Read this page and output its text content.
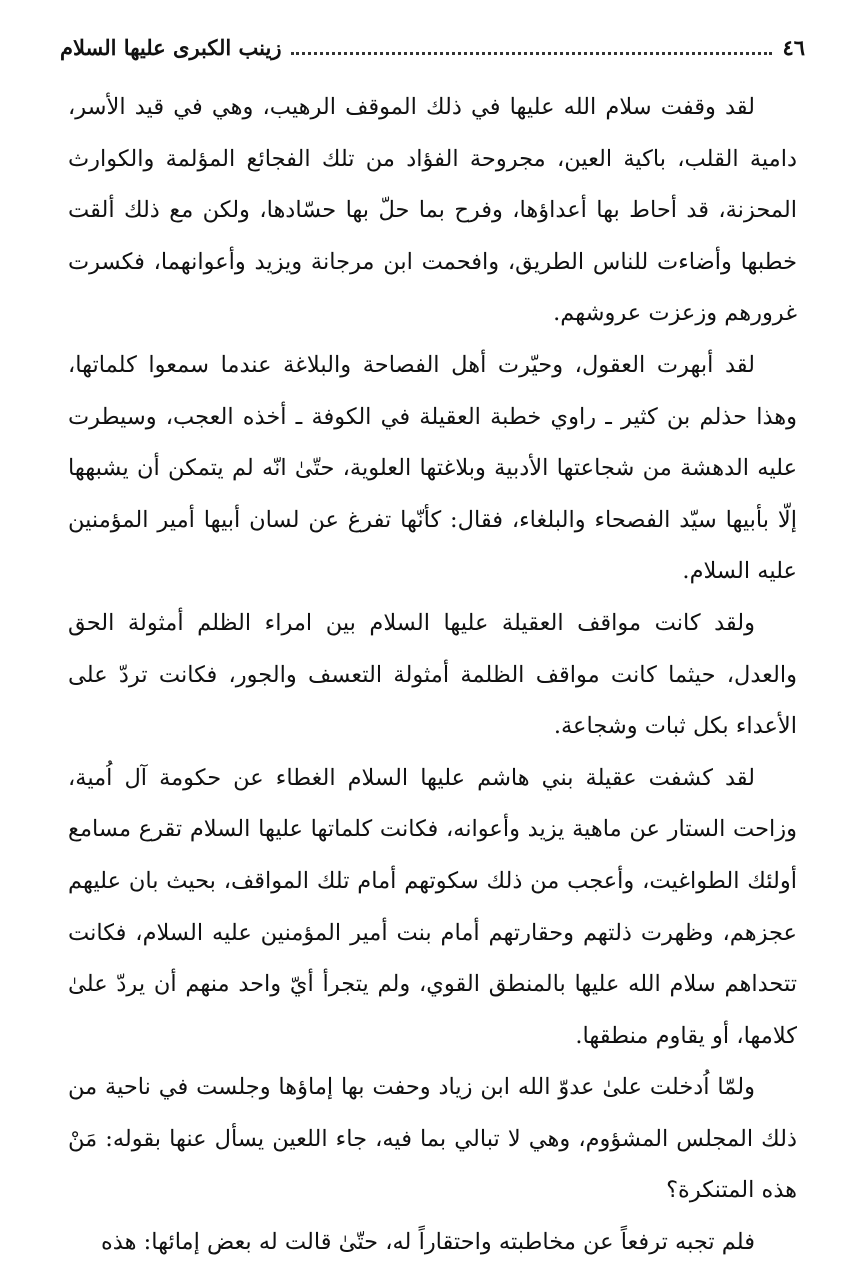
٤٦
زينب الكبرى عليها السلام

لقد وقفت سلام الله عليها في ذلك الموقف الرهيب، وهي في قيد الأسر، دامية القلب، باكية العين، مجروحة الفؤاد من تلك الفجائع المؤلمة والكوارث المحزنة، قد أحاط بها أعداؤها، وفرح بما حلّ بها حسّادها، ولكن مع ذلك ألقت خطبها وأضاءت للناس الطريق، وافحمت ابن مرجانة ويزيد وأعوانهما، فكسرت غرورهم وزعزت عروشهم.

لقد أبهرت العقول، وحيّرت أهل الفصاحة والبلاغة عندما سمعوا كلماتها، وهذا حذلم بن كثير ـ راوي خطبة العقيلة في الكوفة ـ أخذه العجب، وسيطرت عليه الدهشة من شجاعتها الأدبية وبلاغتها العلوية، حتّىٰ انّه لم يتمكن أن يشبهها إلّا بأبيها سيّد الفصحاء والبلغاء، فقال: كأنّها تفرغ عن لسان أبيها أمير المؤمنين عليه السلام.

ولقد كانت مواقف العقيلة عليها السلام بين امراء الظلم أمثولة الحق والعدل، حيثما كانت مواقف الظلمة أمثولة التعسف والجور، فكانت تردّ على الأعداء بكل ثبات وشجاعة.

لقد كشفت عقيلة بني هاشم عليها السلام الغطاء عن حكومة آل اُمية، وزاحت الستار عن ماهية يزيد وأعوانه، فكانت كلماتها عليها السلام تقرع مسامع أولئك الطواغيت، وأعجب من ذلك سكوتهم أمام تلك المواقف، بحيث بان عليهم عجزهم، وظهرت ذلتهم وحقارتهم أمام بنت أمير المؤمنين عليه السلام، فكانت تتحداهم سلام الله عليها بالمنطق القوي، ولم يتجرأ أيّ واحد منهم أن يردّ علىٰ كلامها، أو يقاوم منطقها.

ولمّا اُدخلت علىٰ عدوّ الله ابن زياد وحفت بها إماؤها وجلست في ناحية من ذلك المجلس المشؤوم، وهي لا تبالي بما فيه، جاء اللعين يسأل عنها بقوله: مَنْ هذه المتنكرة؟

فلم تجبه ترفعاً عن مخاطبته واحتقاراً له، حتّىٰ قالت له بعض إمائها: هذه
